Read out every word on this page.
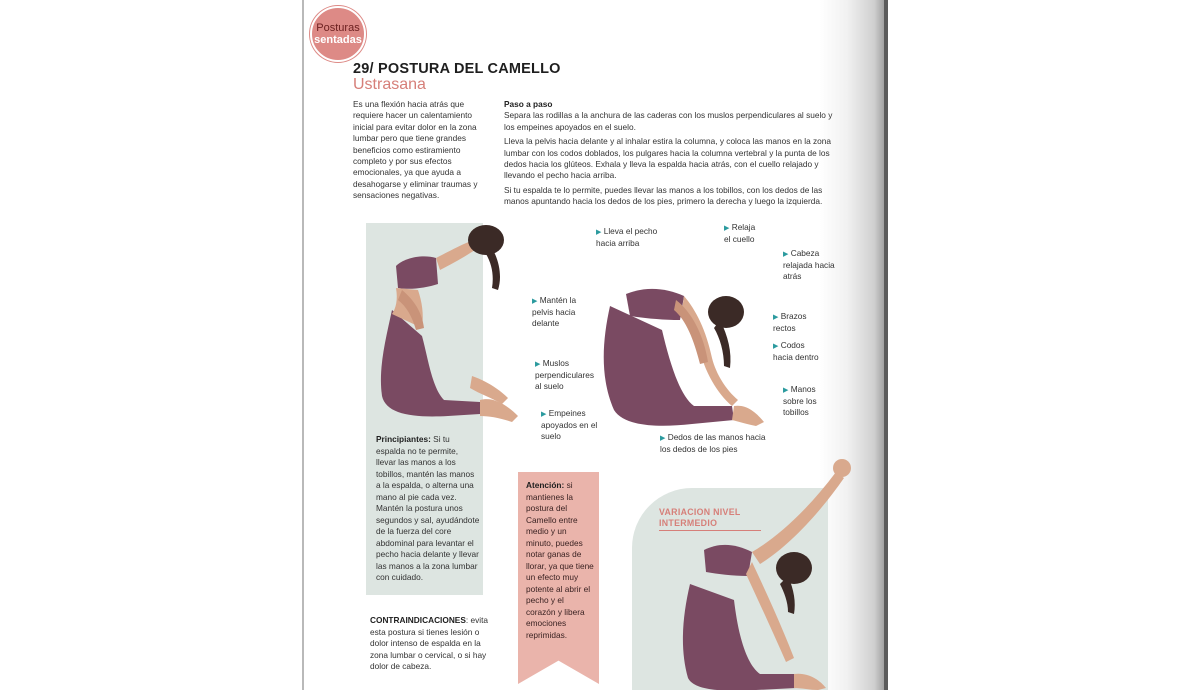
Posturas
sentadas
29/ POSTURA DEL CAMELLO
Ustrasana
Es una flexión hacia atrás que requiere hacer un calentamiento inicial para evitar dolor en la zona lumbar pero que tiene grandes beneficios como estiramiento completo y por sus efectos emocionales, ya que ayuda a desahogarse y eliminar traumas y sensaciones negativas.
Paso a paso

Separa las rodillas a la anchura de las caderas con los muslos perpendiculares al suelo y los empeines apoyados en el suelo.

Lleva la pelvis hacia delante y al inhalar estira la columna, y coloca las manos en la zona lumbar con los codos doblados, los pulgares hacia la columna vertebral y la punta de los dedos hacia los glúteos. Exhala y lleva la espalda hacia atrás, con el cuello relajado y llevando el pecho hacia arriba.

Si tu espalda te lo permite, puedes llevar las manos a los tobillos, con los dedos de las manos apuntando hacia los dedos de los pies, primero la derecha y luego la izquierda.

▶ Lleva el pecho
hacia arriba
▶ Relaja
el cuello
▶ Cabeza
relajada hacia
atrás
▶ Mantén la
pelvis hacia
delante
▶ Brazos
rectos
▶ Codos
hacia dentro
▶ Muslos
perpendiculares
al suelo	▶ Manos
sobre los
tobillos
▶ Empeines
apoyados en el
suelo	▶ Dedos de las manos hacia
los dedos de los pies
Principiantes: Si tu espalda no te permite, llevar las manos a los tobillos, mantén las manos a la espalda, o alterna una mano al pie cada vez. Mantén la postura unos segundos y sal, ayudándote de la fuerza del core abdominal para levantar el pecho hacia delante y llevar las manos a la zona lumbar con cuidado.
CONTRAINDICACIONES: evita esta postura si tienes lesión o dolor intenso de espalda en la zona lumbar o cervical, o si hay dolor de cabeza.
Atención: si mantienes la postura del Camello entre medio y un minuto, puedes notar ganas de llorar, ya que tiene un efecto muy potente al abrir el pecho y el corazón y libera emociones reprimidas.
VARIACION NIVEL INTERMEDIO
